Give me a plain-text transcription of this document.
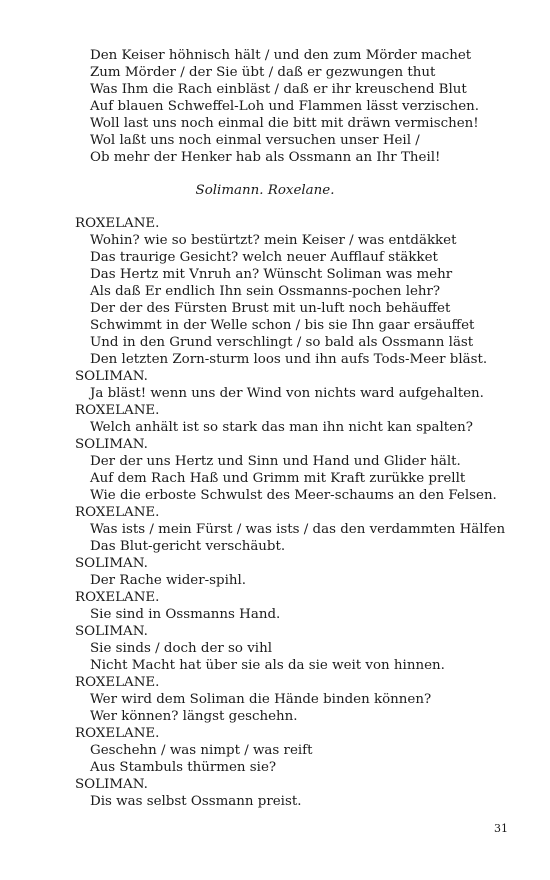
Den Keiser höhnisch hält / und den zum Mörder machet
Zum Mörder / der Sie übt / daß er gezwungen thut
Was Ihm die Rach einbläst / daß er ihr kreuschend Blut
Auf blauen Schweffel-Loh und Flammen lässt verzischen.
Woll last uns noch einmal die bitt mit dräwn vermischen!
Wol laßt uns noch einmal versuchen unser Heil /
Ob mehr der Henker hab als Ossmann an Ihr Theil!
Solimann. Roxelane.
ROXELANE.
Wohin? wie so bestürtzt? mein Keiser / was entdäkket
Das traurige Gesicht? welch neuer Aufflauf stäkket
Das Hertz mit Vnruh an? Wünscht Soliman was mehr
Als daß Er endlich Ihn sein Ossmanns-pochen lehr?
Der der des Fürsten Brust mit un-luft noch behäuffet
Schwimmt in der Welle schon / bis sie Ihn gaar ersäuffet
Und in den Grund verschlingt / so bald als Ossmann läst
Den letzten Zorn-sturm loos und ihn aufs Tods-Meer bläst.
SOLIMAN.
Ja bläst! wenn uns der Wind von nichts ward aufgehalten.
ROXELANE.
Welch anhält ist so stark das man ihn nicht kan spalten?
SOLIMAN.
Der der uns Hertz und Sinn und Hand und Glider hält.
Auf dem Rach Haß und Grimm mit Kraft zurükke prellt
Wie die erboste Schwulst des Meer-schaums an den Felsen.
ROXELANE.
Was ists / mein Fürst / was ists / das den verdammten Hälfen
Das Blut-gericht verschäubt.
SOLIMAN.
Der Rache wider-spihl.
ROXELANE.
Sie sind in Ossmanns Hand.
SOLIMAN.
Sie sinds / doch der so vihl
Nicht Macht hat über sie als da sie weit von hinnen.
ROXELANE.
Wer wird dem Soliman die Hände binden können?
Wer können? längst geschehn.
ROXELANE.
Geschehn / was nimpt / was reift
Aus Stambuls thürmen sie?
SOLIMAN.
Dis was selbst Ossmann preist.
31
